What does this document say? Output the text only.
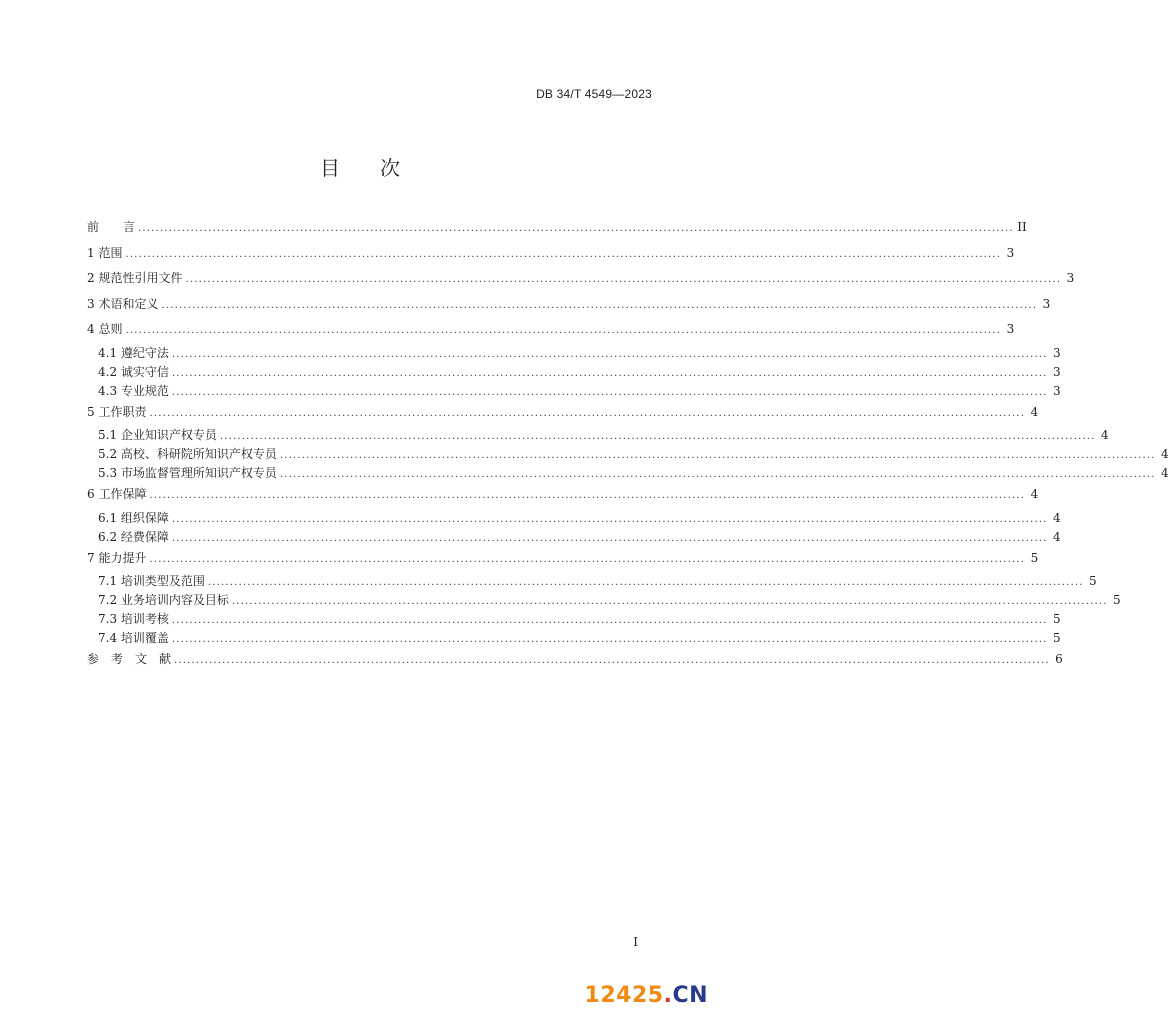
DB 34/T 4549—2023
目次
前　　言 ........................................................................................................................................................................................................ II
1 范围 ........................................................................................................................................................................................................ 3
2 规范性引用文件 ........................................................................................................................................................................................................ 3
3 术语和定义 ........................................................................................................................................................................................................ 3
4 总则 ........................................................................................................................................................................................................ 3
4.1 遵纪守法 ........................................................................................................................................................................................................ 3
4.2 诚实守信 ........................................................................................................................................................................................................ 3
4.3 专业规范 ........................................................................................................................................................................................................ 3
5 工作职责 ........................................................................................................................................................................................................ 4
5.1 企业知识产权专员 ........................................................................................................................................................................................................ 4
5.2 高校、科研院所知识产权专员 ........................................................................................................................................................................................................ 4
5.3 市场监督管理所知识产权专员 ........................................................................................................................................................................................................ 4
6 工作保障 ........................................................................................................................................................................................................ 4
6.1 组织保障 ........................................................................................................................................................................................................ 4
6.2 经费保障 ........................................................................................................................................................................................................ 4
7 能力提升 ........................................................................................................................................................................................................ 5
7.1 培训类型及范围 ........................................................................................................................................................................................................ 5
7.2 业务培训内容及目标 ........................................................................................................................................................................................................ 5
7.3 培训考核 ........................................................................................................................................................................................................ 5
7.4 培训覆盖 ........................................................................................................................................................................................................ 5
参　考　文　献 ........................................................................................................................................................................................................ 6
I
12425.CN
